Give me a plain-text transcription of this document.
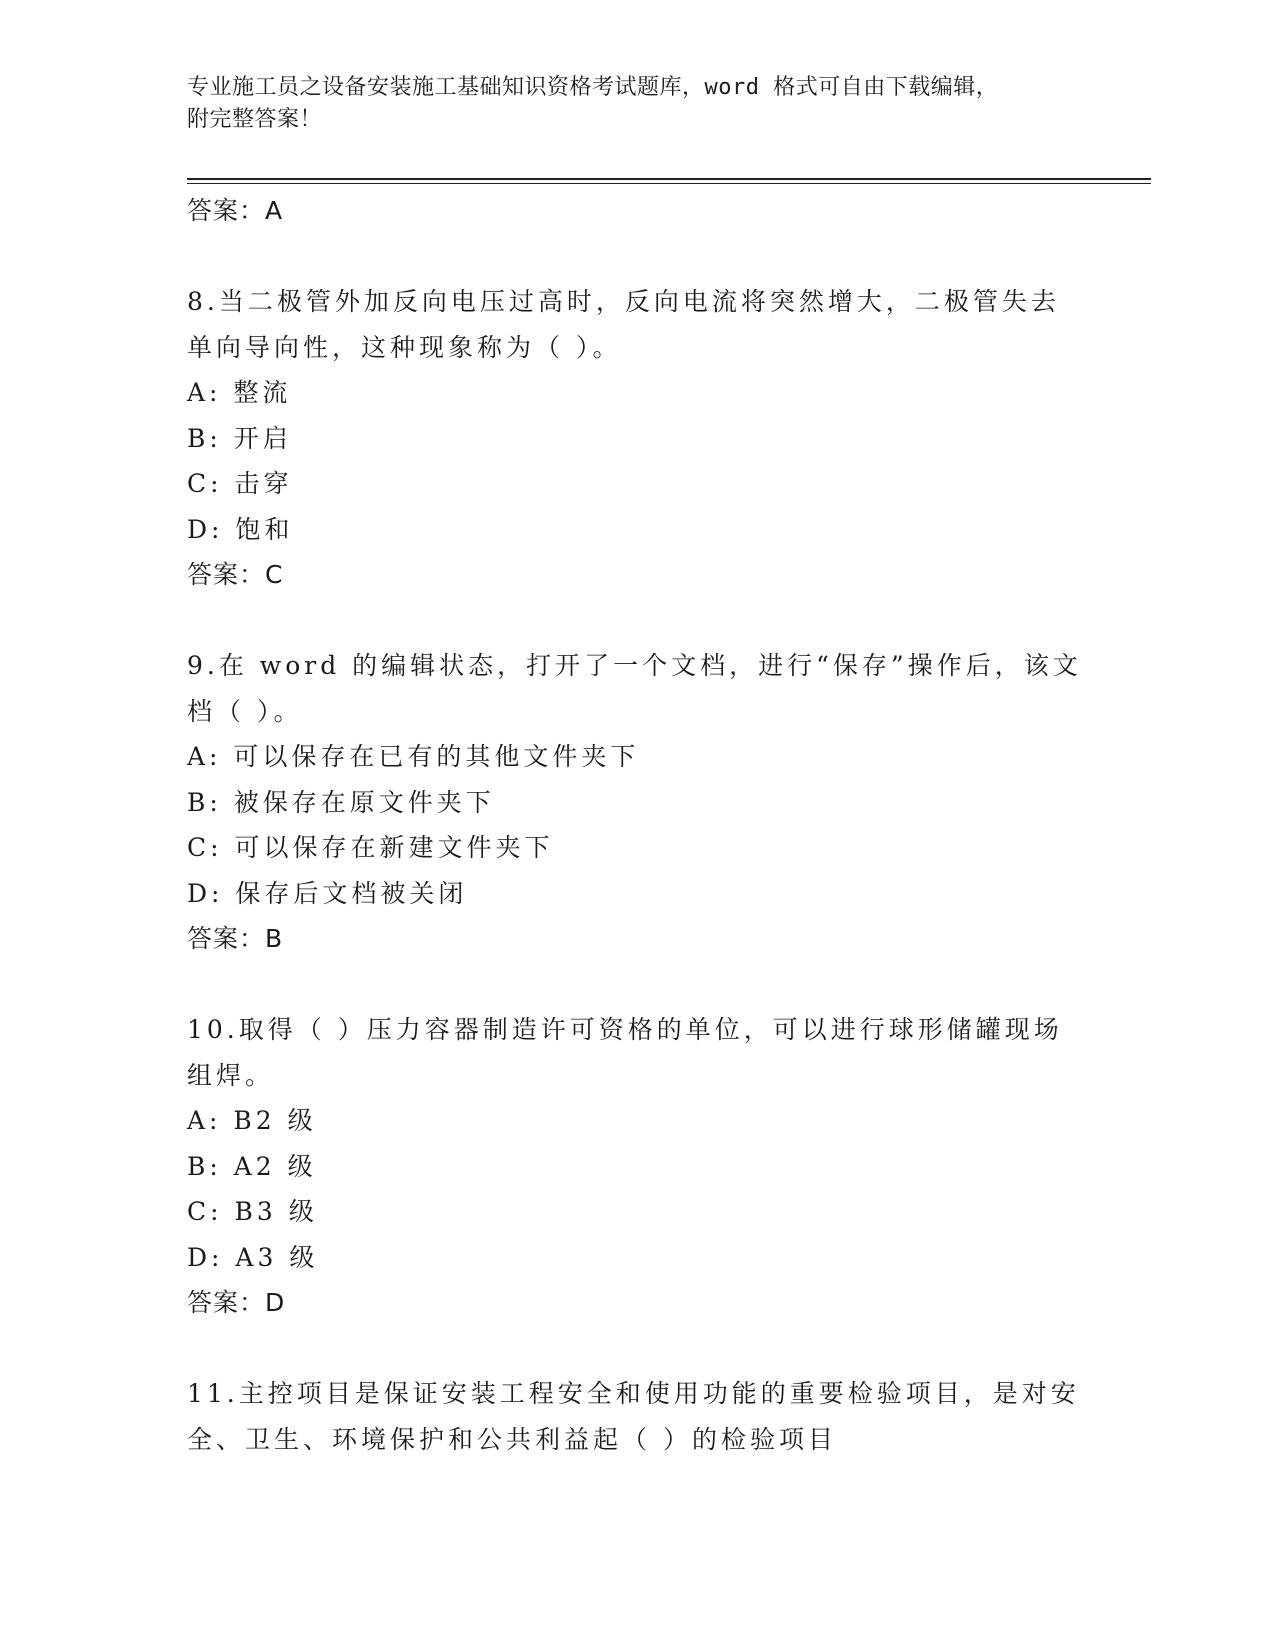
专业施工员之设备安装施工基础知识资格考试题库，word 格式可自由下载编辑，
附完整答案！
答案：A
8.当二极管外加反向电压过高时，反向电流将突然增大，二极管失去
单向导向性，这种现象称为（ ）。
A: 整流
B: 开启
C: 击穿
D: 饱和
答案：C
9.在 word 的编辑状态，打开了一个文档，进行“保存”操作后，该文
档（ ）。
A: 可以保存在已有的其他文件夹下
B: 被保存在原文件夹下
C: 可以保存在新建文件夹下
D: 保存后文档被关闭
答案：B
10.取得（ ）压力容器制造许可资格的单位，可以进行球形储罐现场
组焊。
A: B2 级
B: A2 级
C: B3 级
D: A3 级
答案：D
11.主控项目是保证安装工程安全和使用功能的重要检验项目，是对安
全、卫生、环境保护和公共利益起（ ）的检验项目
